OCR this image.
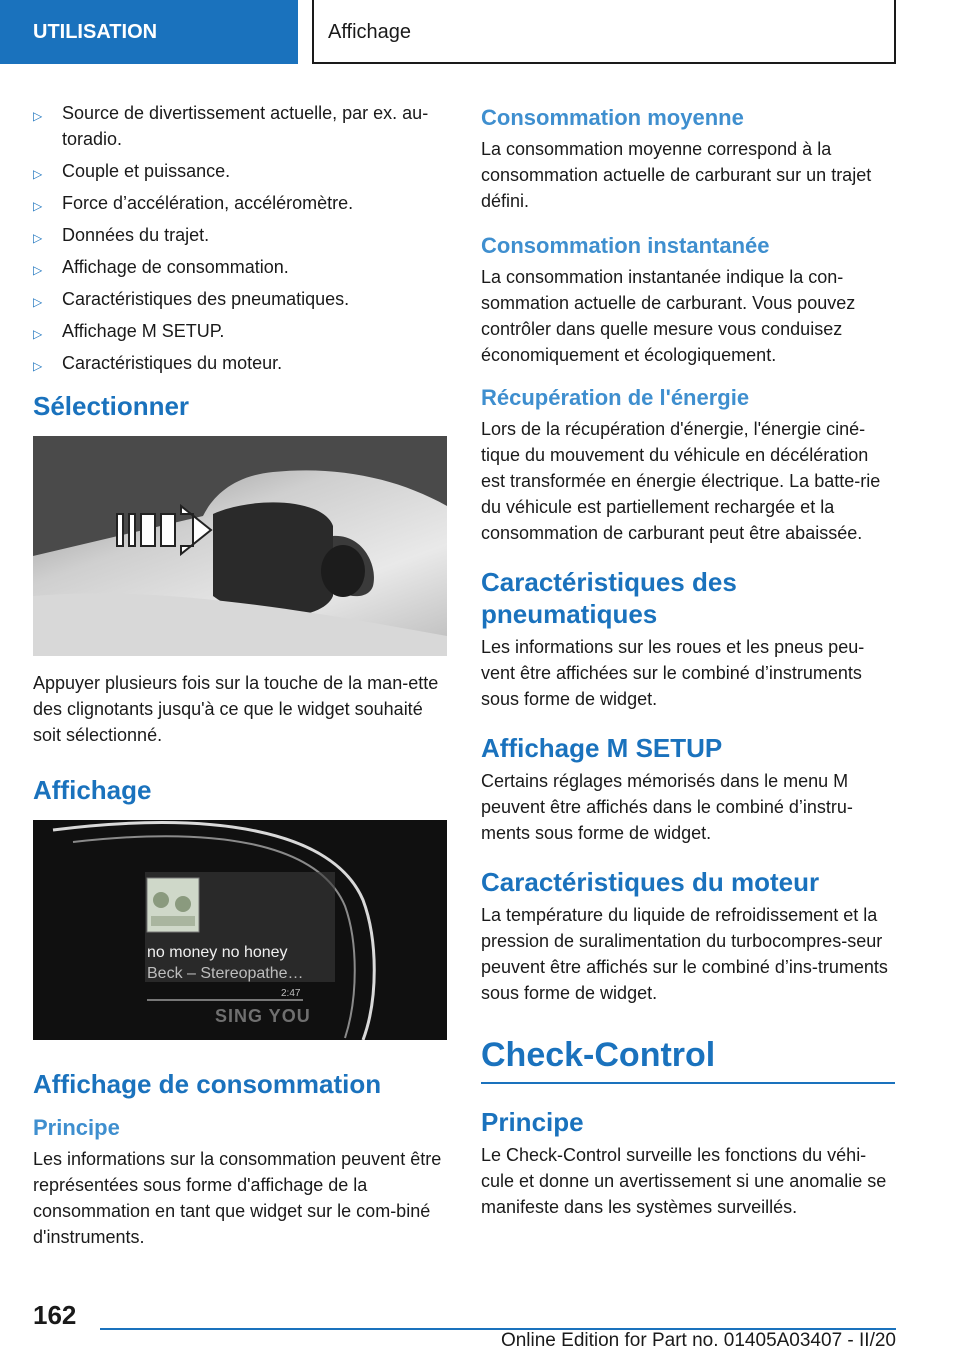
UTILISATION	Affichage
▷ Source de divertissement actuelle, par ex. au-toradio.
▷ Couple et puissance.
▷ Force d’accélération, accéléromètre.
▷ Données du trajet.
▷ Affichage de consommation.
▷ Caractéristiques des pneumatiques.
▷ Affichage M SETUP.
▷ Caractéristiques du moteur.
Sélectionner

Appuyer plusieurs fois sur la touche de la man-ette des clignotants jusqu'à ce que le widget souhaité soit sélectionné.

Affichage
no money no honey
Beck – Stereopathe…
2:47
SING YOU
Affichage de consommation
Principe

Les informations sur la consommation peuvent être représentées sous forme d'affichage de la consommation en tant que widget sur le com-biné d'instruments.

Consommation moyenne

La consommation moyenne correspond à la consommation actuelle de carburant sur un trajet défini.

Consommation instantanée

La consommation instantanée indique la con-sommation actuelle de carburant. Vous pouvez contrôler dans quelle mesure vous conduisez économiquement et écologiquement.

Récupération de l'énergie

Lors de la récupération d'énergie, l'énergie ciné-tique du mouvement du véhicule en décélération est transformée en énergie électrique. La batte-rie du véhicule est partiellement rechargée et la consommation de carburant peut être abaissée.

Caractéristiques des pneumatiques

Les informations sur les roues et les pneus peu-vent être affichées sur le combiné d’instruments sous forme de widget.

Affichage M SETUP

Certains réglages mémorisés dans le menu M peuvent être affichés dans le combiné d’instru-ments sous forme de widget.

Caractéristiques du moteur

La température du liquide de refroidissement et la pression de suralimentation du turbocompres-seur peuvent être affichés sur le combiné d’ins-truments sous forme de widget.

Check-Control
Principe

Le Check-Control surveille les fonctions du véhi-cule et donne un avertissement si une anomalie se manifeste dans les systèmes surveillés.

162
Online Edition for Part no. 01405A03407 - II/20
